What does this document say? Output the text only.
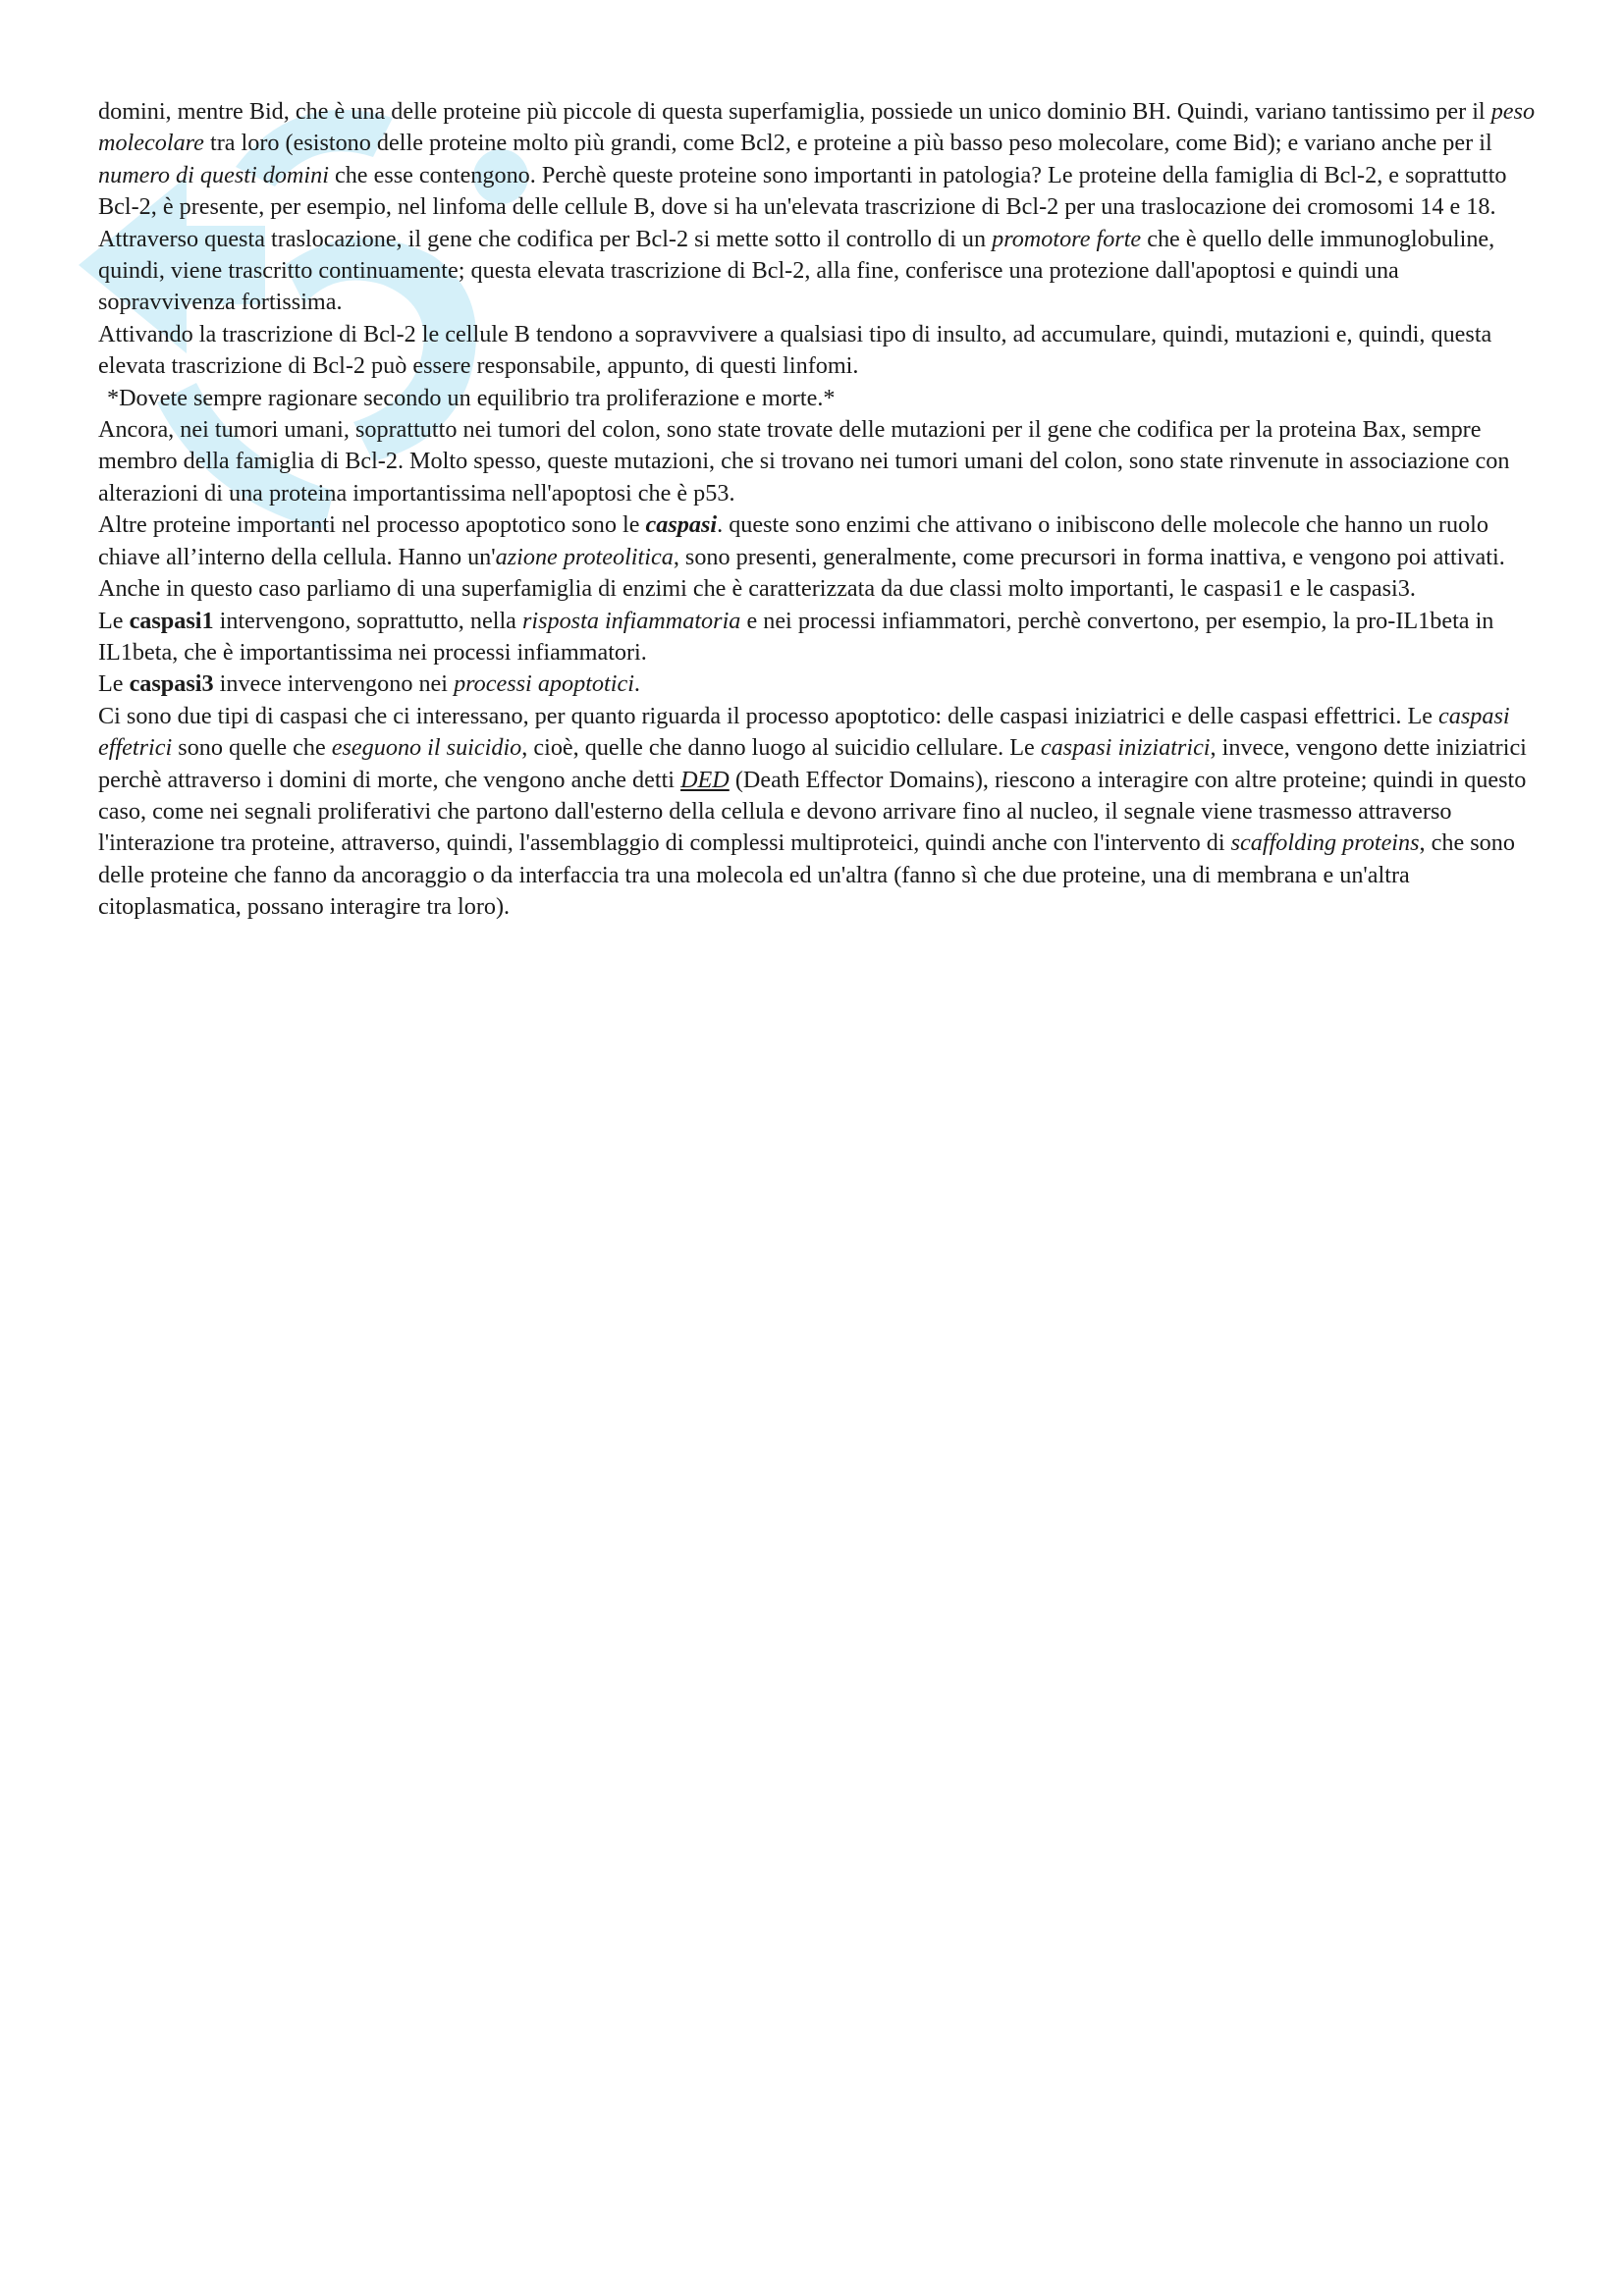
domini, mentre Bid, che è una delle proteine più piccole di questa superfamiglia, possiede un unico dominio BH. Quindi, variano tantissimo per il peso molecolare tra loro (esistono delle proteine molto più grandi, come Bcl2, e proteine a più basso peso molecolare, come Bid); e variano anche per il numero di questi domini che esse contengono. Perchè queste proteine sono importanti in patologia? Le proteine della famiglia di Bcl-2, e soprattutto Bcl-2, è presente, per esempio, nel linfoma delle cellule B, dove si ha un'elevata trascrizione di Bcl-2 per una traslocazione dei cromosomi 14 e 18. Attraverso questa traslocazione, il gene che codifica per Bcl-2 si mette sotto il controllo di un promotore forte che è quello delle immunoglobuline, quindi, viene trascritto continuamente; questa elevata trascrizione di Bcl-2, alla fine, conferisce una protezione dall'apoptosi e quindi una sopravvivenza fortissima.

Attivando la trascrizione di Bcl-2 le cellule B tendono a sopravvivere a qualsiasi tipo di insulto, ad accumulare, quindi, mutazioni e, quindi, questa elevata trascrizione di Bcl-2 può essere responsabile, appunto, di questi linfomi.

*Dovete sempre ragionare secondo un equilibrio tra proliferazione e morte.*

Ancora, nei tumori umani, soprattutto nei tumori del colon, sono state trovate delle mutazioni per il gene che codifica per la proteina Bax, sempre membro della famiglia di Bcl-2. Molto spesso, queste mutazioni, che si trovano nei tumori umani del colon, sono state rinvenute in associazione con alterazioni di una proteina importantissima nell'apoptosi che è p53.

Altre proteine importanti nel processo apoptotico sono le caspasi. queste sono enzimi che attivano o inibiscono delle molecole che hanno un ruolo chiave all’interno della cellula. Hanno un'azione proteolitica, sono presenti, generalmente, come precursori in forma inattiva, e vengono poi attivati. Anche in questo caso parliamo di una superfamiglia di enzimi che è caratterizzata da due classi molto importanti, le caspasi1 e le caspasi3.

Le caspasi1 intervengono, soprattutto, nella risposta infiammatoria e nei processi infiammatori, perchè convertono, per esempio, la pro-IL1beta in IL1beta, che è importantissima nei processi infiammatori.

Le caspasi3 invece intervengono nei processi apoptotici.

Ci sono due tipi di caspasi che ci interessano, per quanto riguarda il processo apoptotico: delle caspasi iniziatrici e delle caspasi effettrici. Le caspasi effetrici sono quelle che eseguono il suicidio, cioè, quelle che danno luogo al suicidio cellulare. Le caspasi iniziatrici, invece, vengono dette iniziatrici perchè attraverso i domini di morte, che vengono anche detti DED (Death Effector Domains), riescono a interagire con altre proteine; quindi in questo caso, come nei segnali proliferativi che partono dall'esterno della cellula e devono arrivare fino al nucleo, il segnale viene trasmesso attraverso l'interazione tra proteine, attraverso, quindi, l'assemblaggio di complessi multiproteici, quindi anche con l'intervento di scaffolding proteins, che sono delle proteine che fanno da ancoraggio o da interfaccia tra una molecola ed un'altra (fanno sì che due proteine, una di membrana e un'altra citoplasmatica, possano interagire tra loro).
